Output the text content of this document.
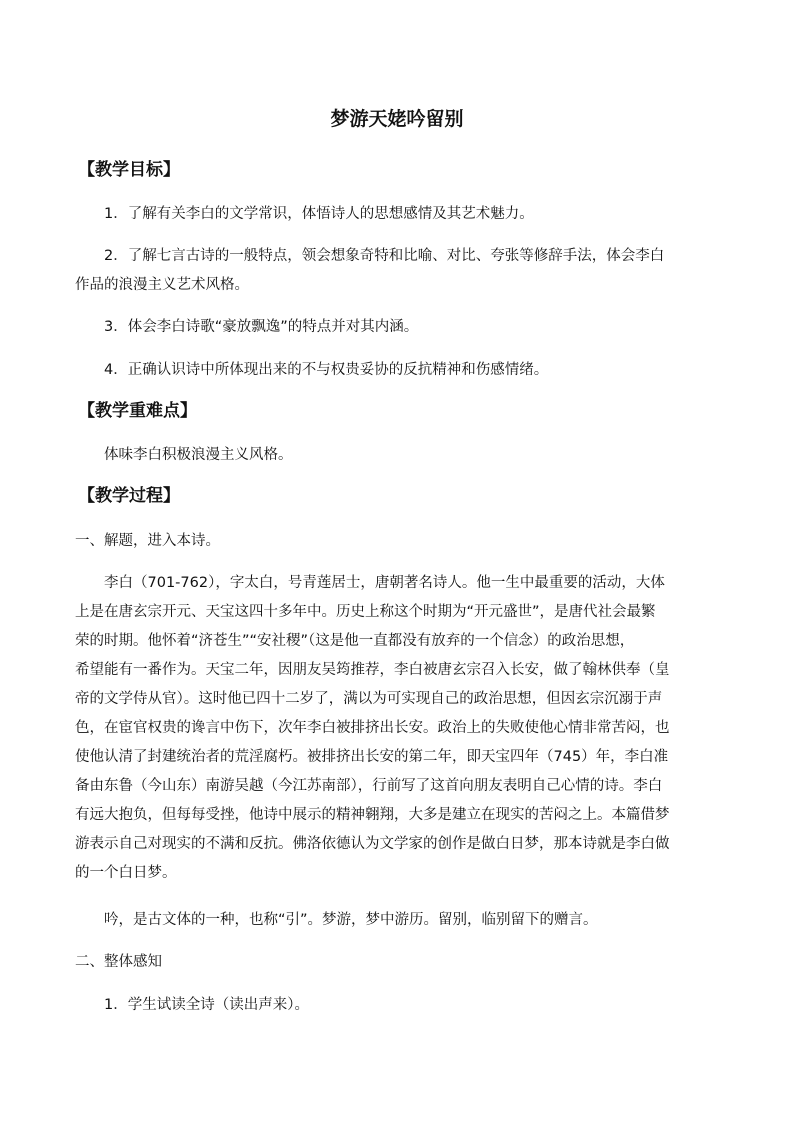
梦游天姥吟留别
【教学目标】

1．了解有关李白的文学常识，体悟诗人的思想感情及其艺术魅力。

2．了解七言古诗的一般特点，领会想象奇特和比喻、对比、夸张等修辞手法，体会李白

作品的浪漫主义艺术风格。

3．体会李白诗歌“豪放飘逸”的特点并对其内涵。

4．正确认识诗中所体现出来的不与权贵妥协的反抗精神和伤感情绪。

【教学重难点】

体味李白积极浪漫主义风格。

【教学过程】

一、解题，进入本诗。

李白（701-762），字太白，号青莲居士，唐朝著名诗人。他一生中最重要的活动，大体
上是在唐玄宗开元、天宝这四十多年中。历史上称这个时期为“开元盛世”，是唐代社会最繁
荣的时期。他怀着“济苍生”“安社稷”（这是他一直都没有放弃的一个信念）的政治思想，
希望能有一番作为。天宝二年，因朋友吴筠推荐，李白被唐玄宗召入长安，做了翰林供奉（皇
帝的文学侍从官）。这时他已四十二岁了，满以为可实现自己的政治思想，但因玄宗沉溺于声
色，在宦官权贵的谗言中伤下，次年李白被排挤出长安。政治上的失败使他心情非常苦闷，也
使他认清了封建统治者的荒淫腐朽。被排挤出长安的第二年，即天宝四年（745）年，李白准
备由东鲁（今山东）南游吴越（今江苏南部），行前写了这首向朋友表明自己心情的诗。李白
有远大抱负，但每每受挫，他诗中展示的精神翱翔，大多是建立在现实的苦闷之上。本篇借梦
游表示自己对现实的不满和反抗。佛洛依德认为文学家的创作是做白日梦，那本诗就是李白做
的一个白日梦。

吟，是古文体的一种，也称“引”。梦游，梦中游历。留别，临别留下的赠言。

二、整体感知

1．学生试读全诗（读出声来）。
